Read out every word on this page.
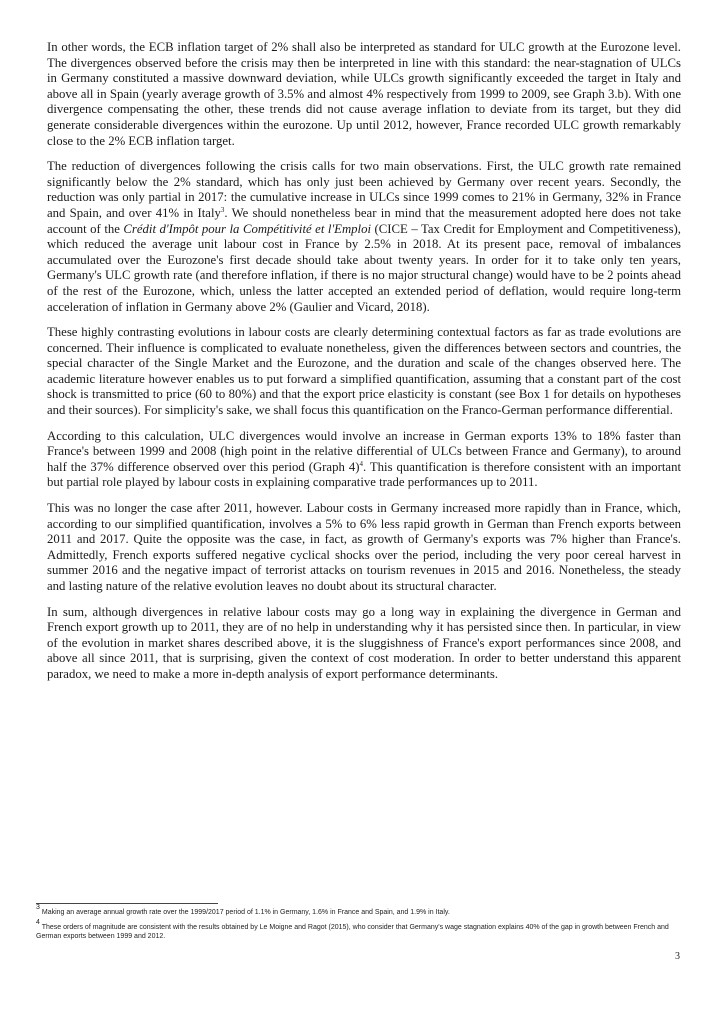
In other words, the ECB inflation target of 2% shall also be interpreted as standard for ULC growth at the Eurozone level. The divergences observed before the crisis may then be interpreted in line with this standard: the near-stagnation of ULCs in Germany constituted a massive downward deviation, while ULCs growth significantly exceeded the target in Italy and above all in Spain (yearly average growth of 3.5% and almost 4% respectively from 1999 to 2009, see Graph 3.b). With one divergence compensating the other, these trends did not cause average inflation to deviate from its target, but they did generate considerable divergences within the eurozone. Up until 2012, however, France recorded ULC growth remarkably close to the 2% ECB inflation target.

The reduction of divergences following the crisis calls for two main observations. First, the ULC growth rate remained significantly below the 2% standard, which has only just been achieved by Germany over recent years. Secondly, the reduction was only partial in 2017: the cumulative increase in ULCs since 1999 comes to 21% in Germany, 32% in France and Spain, and over 41% in Italy$^3$. We should nonetheless bear in mind that the measurement adopted here does not take account of the Crédit d'Impôt pour la Compétitivité et l'Emploi (CICE – Tax Credit for Employment and Competitiveness), which reduced the average unit labour cost in France by 2.5% in 2018. At its present pace, removal of imbalances accumulated over the Eurozone's first decade should take about twenty years. In order for it to take only ten years, Germany's ULC growth rate (and therefore inflation, if there is no major structural change) would have to be 2 points ahead of the rest of the Eurozone, which, unless the latter accepted an extended period of deflation, would require long-term acceleration of inflation in Germany above 2% (Gaulier and Vicard, 2018).

These highly contrasting evolutions in labour costs are clearly determining contextual factors as far as trade evolutions are concerned. Their influence is complicated to evaluate nonetheless, given the differences between sectors and countries, the special character of the Single Market and the Eurozone, and the duration and scale of the changes observed here. The academic literature however enables us to put forward a simplified quantification, assuming that a constant part of the cost shock is transmitted to price (60 to 80%) and that the export price elasticity is constant (see Box 1 for details on hypotheses and their sources). For simplicity's sake, we shall focus this quantification on the Franco-German performance differential.

According to this calculation, ULC divergences would involve an increase in German exports 13% to 18% faster than France's between 1999 and 2008 (high point in the relative differential of ULCs between France and Germany), to around half the 37% difference observed over this period (Graph 4)$^4$. This quantification is therefore consistent with an important but partial role played by labour costs in explaining comparative trade performances up to 2011.

This was no longer the case after 2011, however. Labour costs in Germany increased more rapidly than in France, which, according to our simplified quantification, involves a 5% to 6% less rapid growth in German than French exports between 2011 and 2017. Quite the opposite was the case, in fact, as growth of Germany's exports was 7% higher than France's. Admittedly, French exports suffered negative cyclical shocks over the period, including the very poor cereal harvest in summer 2016 and the negative impact of terrorist attacks on tourism revenues in 2015 and 2016. Nonetheless, the steady and lasting nature of the relative evolution leaves no doubt about its structural character.

In sum, although divergences in relative labour costs may go a long way in explaining the divergence in German and French export growth up to 2011, they are of no help in understanding why it has persisted since then. In particular, in view of the evolution in market shares described above, it is the sluggishness of France's export performances since 2008, and above all since 2011, that is surprising, given the context of cost moderation. In order to better understand this apparent paradox, we need to make a more in-depth analysis of export performance determinants.

$^3$ Making an average annual growth rate over the 1999/2017 period of 1.1% in Germany, 1.6% in France and Spain, and 1.9% in Italy.

$^4$ These orders of magnitude are consistent with the results obtained by Le Moigne and Ragot (2015), who consider that Germany's wage stagnation explains 40% of the gap in growth between French and German exports between 1999 and 2012.

3
